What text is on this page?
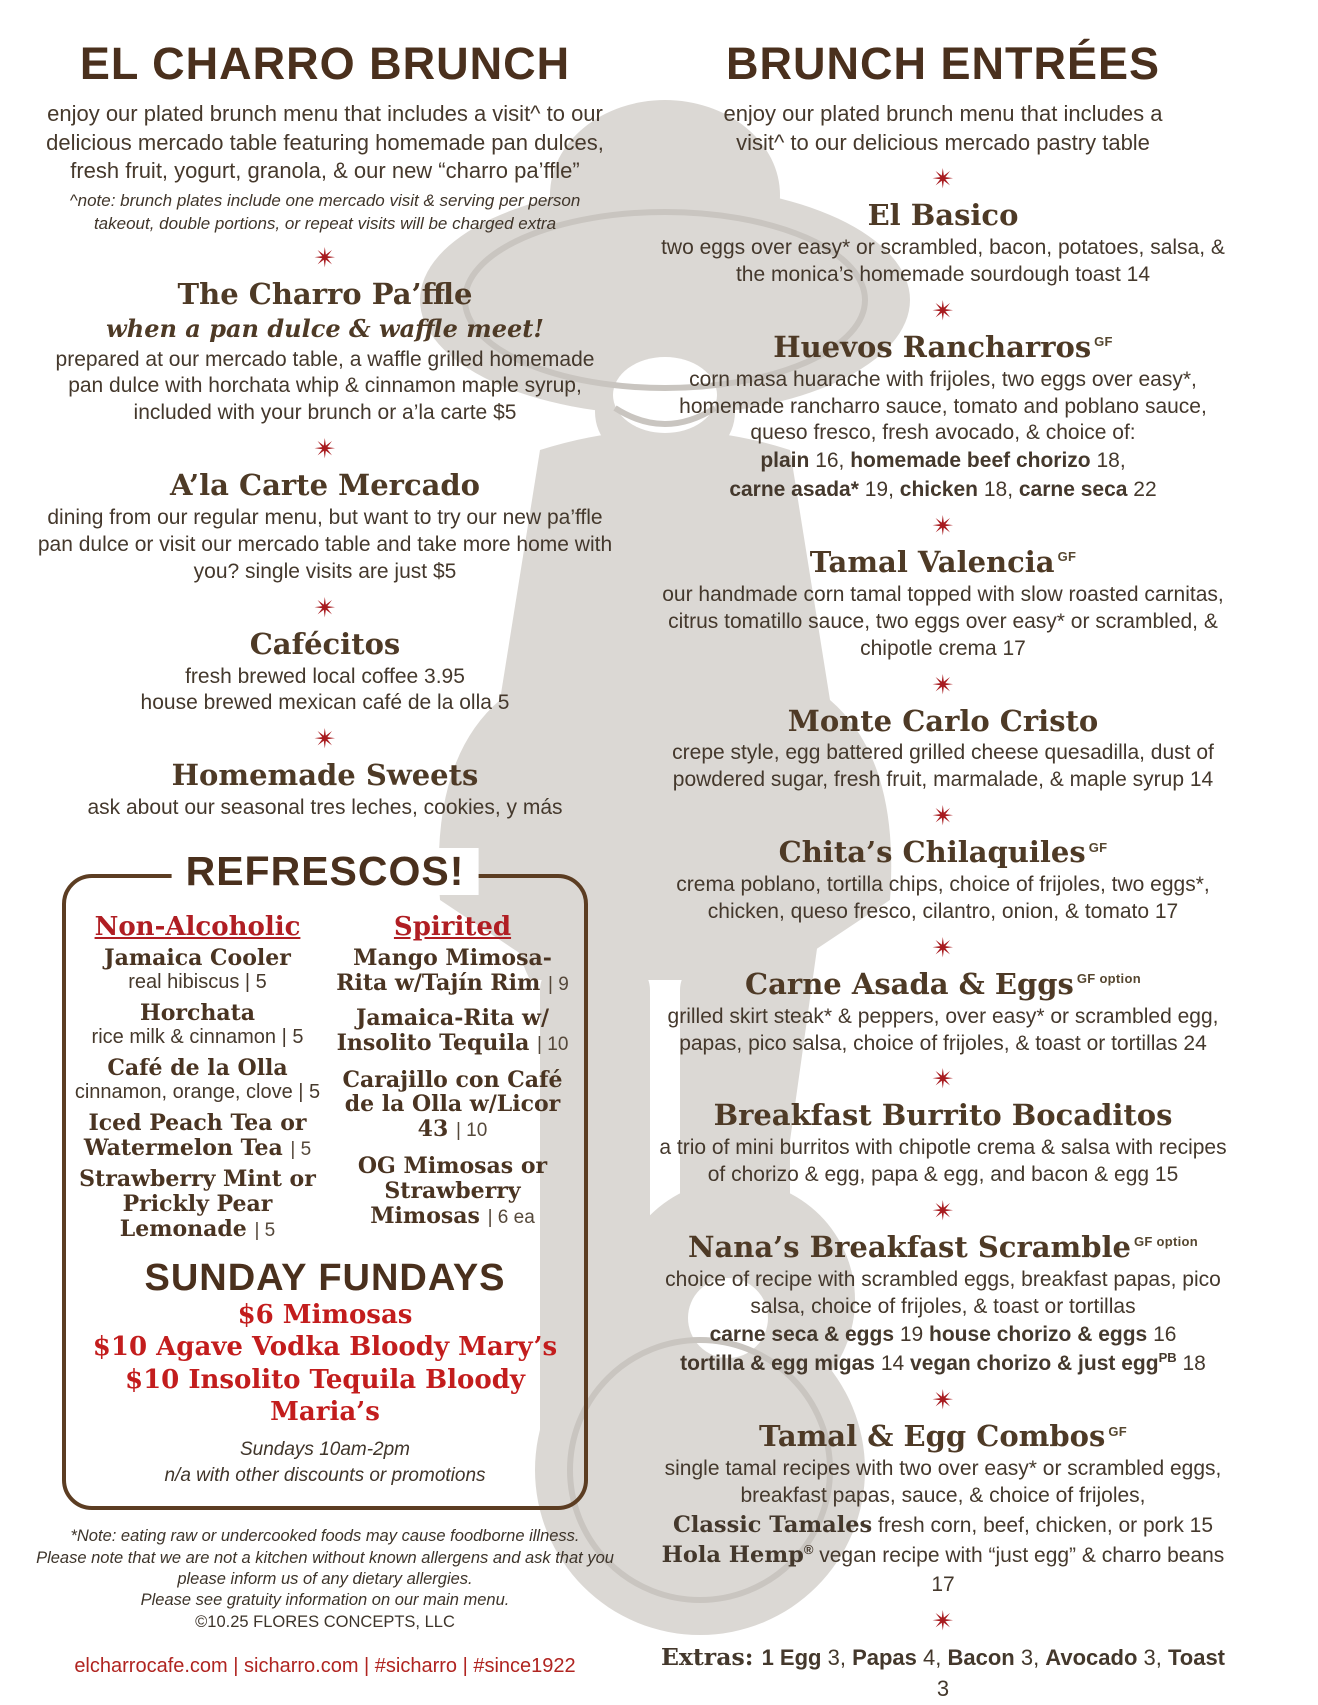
EL CHARRO BRUNCH

enjoy our plated brunch menu that includes a visit^ to our delicious mercado table featuring homemade pan dulces, fresh fruit, yogurt, granola, & our new “charro pa’ffle”

^note: brunch plates include one mercado visit & serving per person
takeout, double portions, or repeat visits will be charged extra

✴
The Charro Pa’ffle

when a pan dulce & waffle meet!

prepared at our mercado table, a waffle grilled homemade pan dulce with horchata whip & cinnamon maple syrup, included with your brunch or a’la carte $5

✴
A’la Carte Mercado

dining from our regular menu, but want to try our new pa’ffle pan dulce or visit our mercado table and take more home with you? single visits are just $5

✴
Cafécitos

fresh brewed local coffee 3.95

house brewed mexican café de la olla 5

✴
Homemade Sweets

ask about our seasonal tres leches, cookies, y más

REFRESCOS!
Non-Alcoholic
Jamaica Cooler
real hibiscus | 5
Horchata
rice milk & cinnamon | 5
Café de la Olla
cinnamon, orange, clove | 5
Iced Peach Tea or Watermelon Tea | 5
Strawberry Mint or Prickly Pear Lemonade | 5
Spirited
Mango Mimosa-Rita w/Tajín Rim | 9
Jamaica-Rita w/ Insolito Tequila | 10
Carajillo con Café de la Olla w/Licor 43 | 10
OG Mimosas or Strawberry Mimosas | 6 ea
SUNDAY FUNDAYS

$6 Mimosas

$10 Agave Vodka Bloody Mary’s

$10 Insolito Tequila Bloody Maria’s

Sundays 10am-2pm

n/a with other discounts or promotions

*Note: eating raw or undercooked foods may cause foodborne illness.

Please note that we are not a kitchen without known allergens and ask that you

please inform us of any dietary allergies.

Please see gratuity information on our main menu.

©10.25 FLORES CONCEPTS, LLC

elcharrocafe.com | sicharro.com | #sicharro | #since1922
BRUNCH ENTRÉES

enjoy our plated brunch menu that includes a visit^ to our delicious mercado pastry table

✴
El Basico

two eggs over easy* or scrambled, bacon, potatoes, salsa, & the monica’s homemade sourdough toast 14

✴
Huevos Rancharros $^{GF}$

corn masa huarache with frijoles, two eggs over easy*, homemade rancharro sauce, tomato and poblano sauce, queso fresco, fresh avocado, & choice of:

plain 16, homemade beef chorizo 18,

carne asada* 19, chicken 18, carne seca 22

✴
Tamal Valencia $^{GF}$

our handmade corn tamal topped with slow roasted carnitas, citrus tomatillo sauce, two eggs over easy* or scrambled, & chipotle crema 17

✴
Monte Carlo Cristo

crepe style, egg battered grilled cheese quesadilla, dust of powdered sugar, fresh fruit, marmalade, & maple syrup 14

✴
Chita’s Chilaquiles $^{GF}$

crema poblano, tortilla chips, choice of frijoles, two eggs*, chicken, queso fresco, cilantro, onion, & tomato 17

✴
Carne Asada & Eggs $^{GF option}$

grilled skirt steak* & peppers, over easy* or scrambled egg, papas, pico salsa, choice of frijoles, & toast or tortillas 24

✴
Breakfast Burrito Bocaditos

a trio of mini burritos with chipotle crema & salsa with recipes of chorizo & egg, papa & egg, and bacon & egg 15

✴
Nana’s Breakfast Scramble $^{GF option}$

choice of recipe with scrambled eggs, breakfast papas, pico salsa, choice of frijoles, & toast or tortillas

carne seca & eggs 19 house chorizo & eggs 16

tortilla & egg migas 14 vegan chorizo & just egg$^{PB}$ 18

✴
Tamal & Egg Combos $^{GF}$

single tamal recipes with two over easy* or scrambled eggs, breakfast papas, sauce, & choice of frijoles,

Classic Tamales fresh corn, beef, chicken, or pork 15

Hola Hemp® vegan recipe with “just egg” & charro beans 17

✴

Extras: 1 Egg 3, Papas 4, Bacon 3, Avocado 3, Toast 3
